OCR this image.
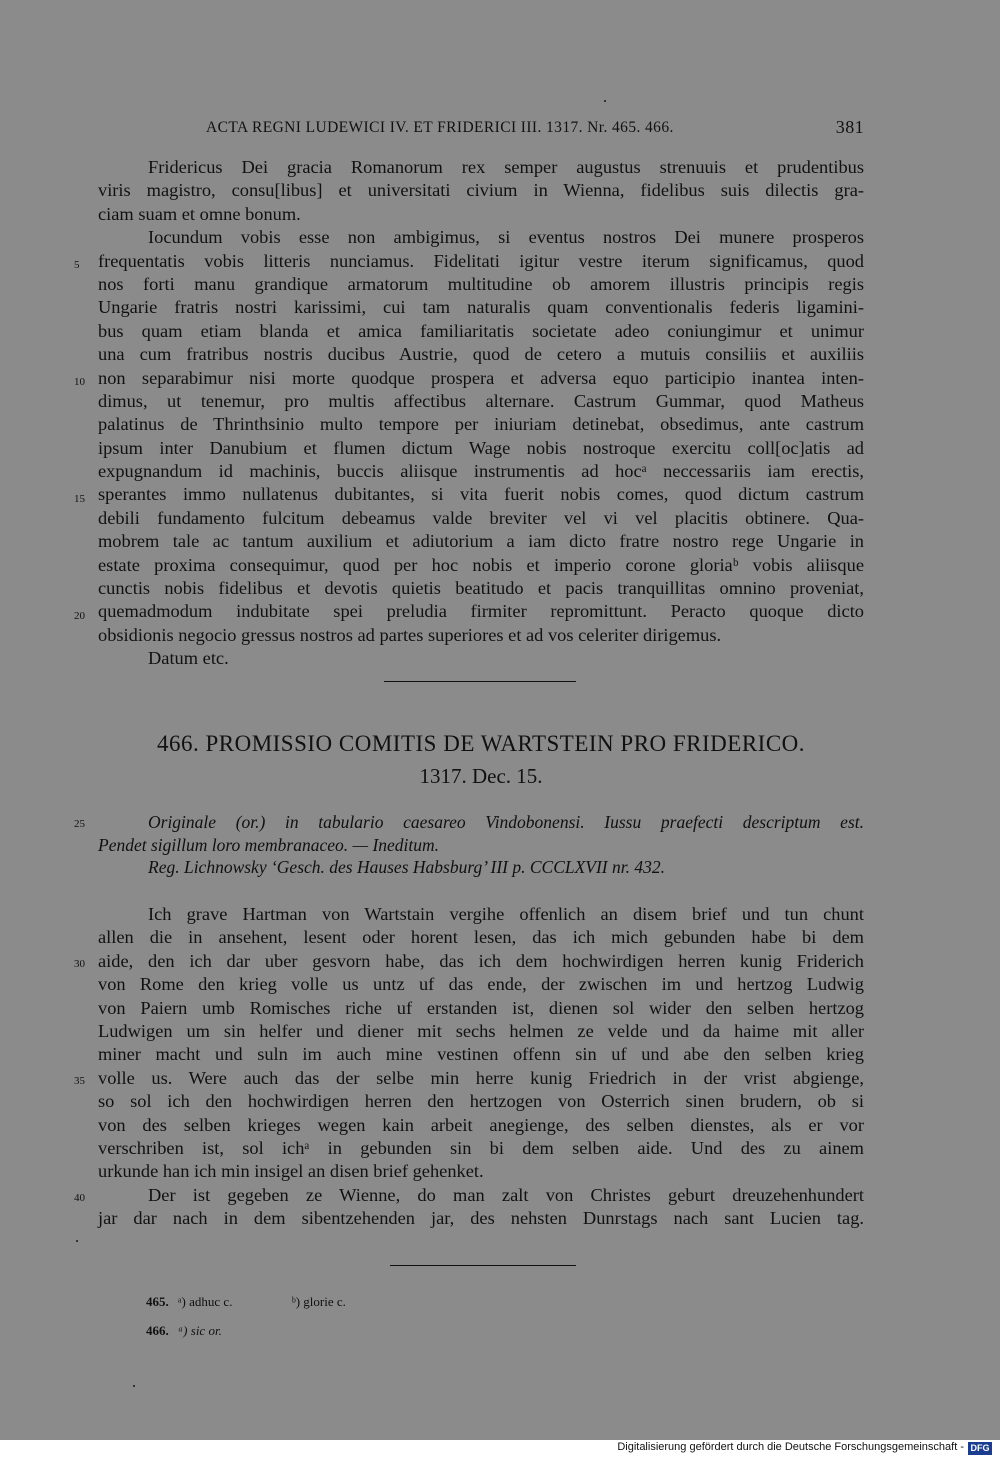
ACTA REGNI LUDEWICI IV. ET FRIDERICI III. 1317. Nr. 465. 466.	381
Fridericus Dei gracia Romanorum rex semper augustus strenuuis et prudentibus
viris magistro, consu[libus] et universitati civium in Wienna, fidelibus suis dilectis gra-
ciam suam et omne bonum.
Iocundum vobis esse non ambigimus, si eventus nostros Dei munere prosperos
frequentatis vobis litteris nunciamus. Fidelitati igitur vestre iterum significamus, quod
nos forti manu grandique armatorum multitudine ob amorem illustris principis regis
Ungarie fratris nostri karissimi, cui tam naturalis quam conventionalis federis ligamini-
bus quam etiam blanda et amica familiaritatis societate adeo coniungimur et unimur
una cum fratribus nostris ducibus Austrie, quod de cetero a mutuis consiliis et auxiliis
non separabimur nisi morte quodque prospera et adversa equo participio inantea inten-
dimus, ut tenemur, pro multis affectibus alternare. Castrum Gummar, quod Matheus
palatinus de Thrinthsinio multo tempore per iniuriam detinebat, obsedimus, ante castrum
ipsum inter Danubium et flumen dictum Wage nobis nostroque exercitu coll[oc]atis ad
expugnandum id machinis, buccis aliisque instrumentis ad hocᵃ neccessariis iam erectis,
sperantes immo nullatenus dubitantes, si vita fuerit nobis comes, quod dictum castrum
debili fundamento fulcitum debeamus valde breviter vel vi vel placitis obtinere. Qua-
mobrem tale ac tantum auxilium et adiutorium a iam dicto fratre nostro rege Ungarie in
estate proxima consequimur, quod per hoc nobis et imperio corone gloriaᵇ vobis aliisque
cunctis nobis fidelibus et devotis quietis beatitudo et pacis tranquillitas omnino proveniat,
quemadmodum indubitate spei preludia firmiter repromittunt. Peracto quoque dicto
obsidionis negocio gressus nostros ad partes superiores et ad vos celeriter dirigemus.
Datum etc.
5
10
15
20
466. PROMISSIO COMITIS DE WARTSTEIN PRO FRIDERICO.
1317. Dec. 15.
Originale (or.) in tabulario caesareo Vindobonensi. Iussu praefecti descriptum est.
Pendet sigillum loro membranaceo. — Ineditum.
Reg. Lichnowsky ‘Gesch. des Hauses Habsburg’ III p. CCCLXVII nr. 432.
25
Ich grave Hartman von Wartstain vergihe offenlich an disem brief und tun chunt
allen die in ansehent, lesent oder horent lesen, das ich mich gebunden habe bi dem
aide, den ich dar uber gesvorn habe, das ich dem hochwirdigen herren kunig Friderich
von Rome den krieg volle us untz uf das ende, der zwischen im und hertzog Ludwig
von Paiern umb Romisches riche uf erstanden ist, dienen sol wider den selben hertzog
Ludwigen um sin helfer und diener mit sechs helmen ze velde und da haime mit aller
miner macht und suln im auch mine vestinen offenn sin uf und abe den selben krieg
volle us. Were auch das der selbe min herre kunig Friedrich in der vrist abgienge,
so sol ich den hochwirdigen herren den hertzogen von Osterrich sinen brudern, ob si
von des selben krieges wegen kain arbeit anegienge, des selben dienstes, als er vor
verschriben ist, sol ichᵃ in gebunden sin bi dem selben aide. Und des zu ainem
urkunde han ich min insigel an disen brief gehenket.
Der ist gegeben ze Wienne, do man zalt von Christes geburt dreuzehenhundert
jar dar nach in dem sibentzehenden jar, des nehsten Dunrstags nach sant Lucien tag.
30
35
40
465. ᵃ) adhuc c.	ᵇ) glorie c.
466. ᵃ) sic or.
Digitalisierung gefördert durch die Deutsche Forschungsgemeinschaft - DFG
